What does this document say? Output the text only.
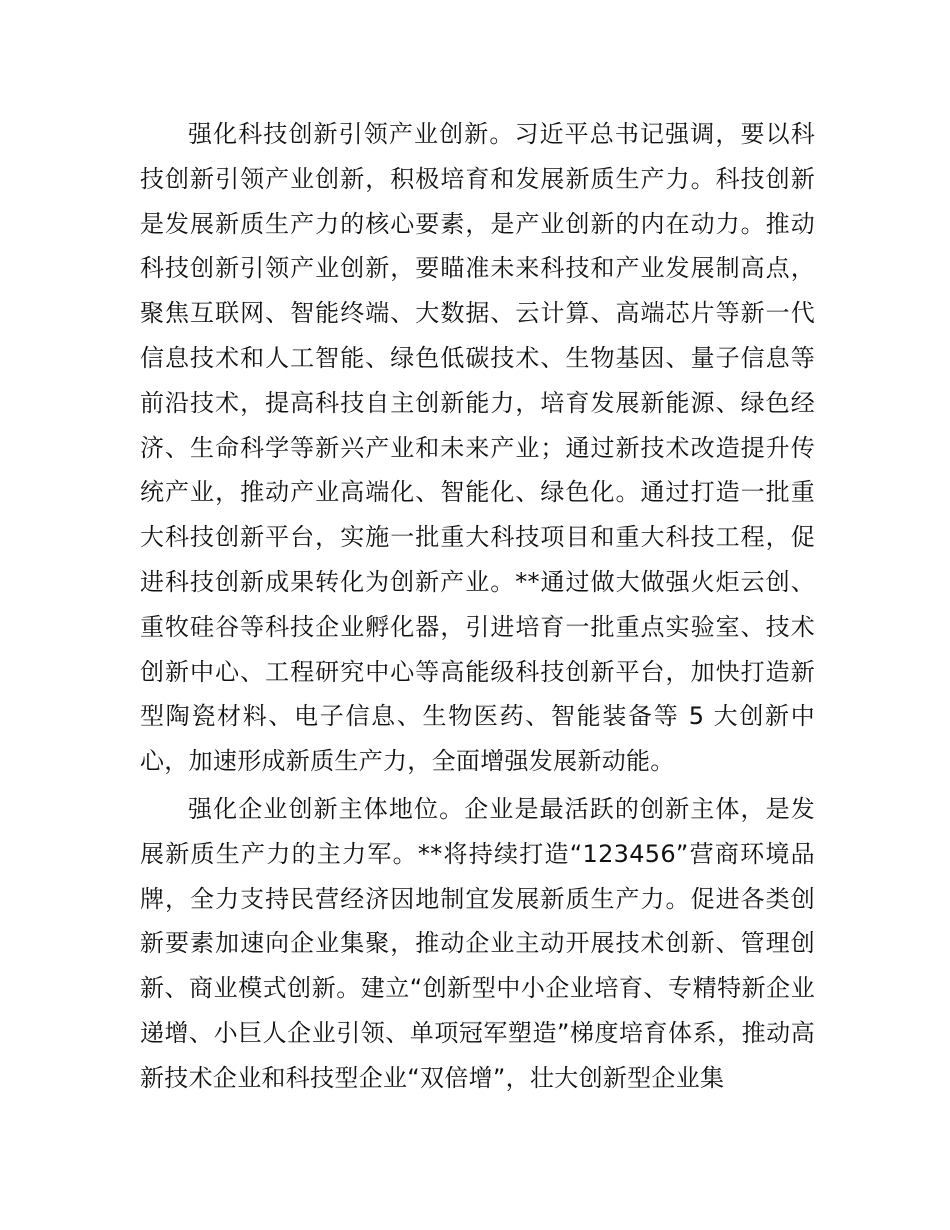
强化科技创新引领产业创新。习近平总书记强调，要以科技创新引领产业创新，积极培育和发展新质生产力。科技创新是发展新质生产力的核心要素，是产业创新的内在动力。推动科技创新引领产业创新，要瞄准未来科技和产业发展制高点，聚焦互联网、智能终端、大数据、云计算、高端芯片等新一代信息技术和人工智能、绿色低碳技术、生物基因、量子信息等前沿技术，提高科技自主创新能力，培育发展新能源、绿色经济、生命科学等新兴产业和未来产业；通过新技术改造提升传统产业，推动产业高端化、智能化、绿色化。通过打造一批重大科技创新平台，实施一批重大科技项目和重大科技工程，促进科技创新成果转化为创新产业。**通过做大做强火炬云创、重牧硅谷等科技企业孵化器，引进培育一批重点实验室、技术创新中心、工程研究中心等高能级科技创新平台，加快打造新型陶瓷材料、电子信息、生物医药、智能装备等 5 大创新中心，加速形成新质生产力，全面增强发展新动能。

强化企业创新主体地位。企业是最活跃的创新主体，是发展新质生产力的主力军。**将持续打造“123456”营商环境品牌，全力支持民营经济因地制宜发展新质生产力。促进各类创新要素加速向企业集聚，推动企业主动开展技术创新、管理创新、商业模式创新。建立“创新型中小企业培育、专精特新企业递增、小巨人企业引领、单项冠军塑造”梯度培育体系，推动高新技术企业和科技型企业“双倍增”，壮大创新型企业集
